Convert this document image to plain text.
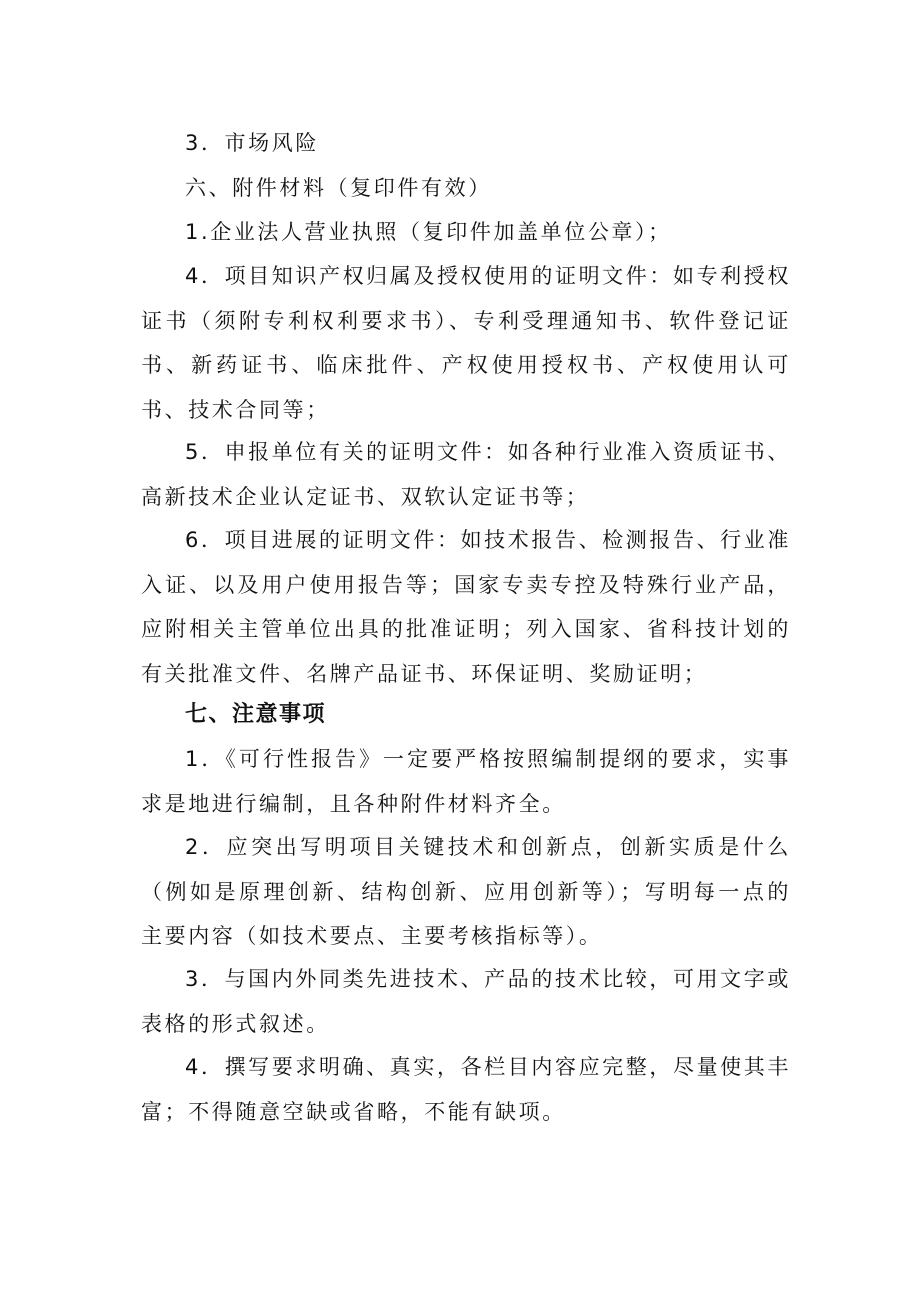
3．市场风险

六、附件材料（复印件有效）

1.企业法人营业执照（复印件加盖单位公章）；

4．项目知识产权归属及授权使用的证明文件：如专利授权证书（须附专利权利要求书）、专利受理通知书、软件登记证书、新药证书、临床批件、产权使用授权书、产权使用认可书、技术合同等；

5．申报单位有关的证明文件：如各种行业准入资质证书、高新技术企业认定证书、双软认定证书等；

6．项目进展的证明文件：如技术报告、检测报告、行业准入证、以及用户使用报告等；国家专卖专控及特殊行业产品，应附相关主管单位出具的批准证明；列入国家、省科技计划的有关批准文件、名牌产品证书、环保证明、奖励证明；

七、注意事项

1．《可行性报告》一定要严格按照编制提纲的要求，实事求是地进行编制，且各种附件材料齐全。

2．应突出写明项目关键技术和创新点，创新实质是什么（例如是原理创新、结构创新、应用创新等）；写明每一点的主要内容（如技术要点、主要考核指标等）。

3．与国内外同类先进技术、产品的技术比较，可用文字或表格的形式叙述。

4．撰写要求明确、真实，各栏目内容应完整，尽量使其丰富；不得随意空缺或省略，不能有缺项。
